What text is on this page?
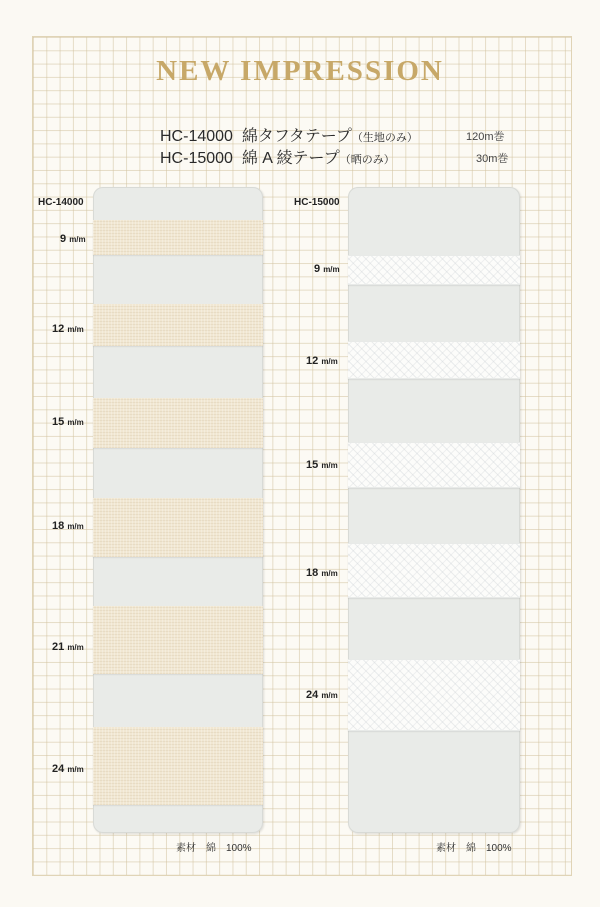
NEW IMPRESSION
HC-14000 綿タフタテープ（生地のみ）	120m巻
HC-15000 綿 A 綾テープ（晒のみ）	30m巻
HC-14000	HC-15000
9 m/m
12 m/m
15 m/m
18 m/m
21 m/m
24 m/m
9 m/m
12 m/m
15 m/m
18 m/m
24 m/m
素材　綿　100%	素材　綿　100%
